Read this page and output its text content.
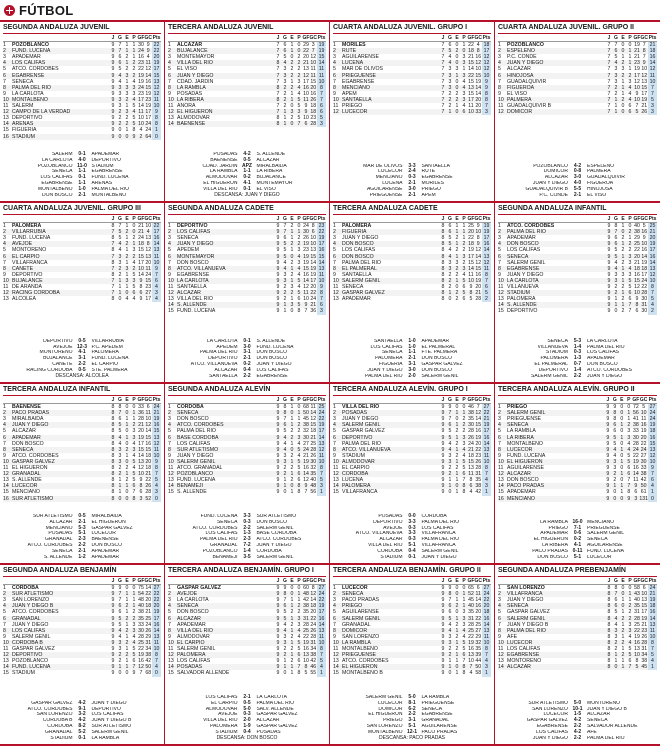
FÚTBOL
SEGUNDA ANDALUZA JUVENIL
		J	G	E	P	GF	GC	Pts
1	POZOBLANCO	9	7	1	1	30	9	22
2	FUND. LUCENA	9	7	1	1	24	9	22
3	APADEMAR	9	6	2	1	16	4	20
4	LOS CALIFAS	9	6	1	2	23	11	19
5	ATCO. CORDOBÉS	9	5	2	2	22	12	17
6	EGABRENSE	9	4	3	2	19	14	15
7	SÉNECA	9	4	1	4	19	16	13
8	PALMA DEL RÍO	9	3	3	3	24	15	12
9	LA CARLOTA	9	3	3	3	23	19	12
10	MONTALBEÑO	9	3	2	4	17	23	11
11	SALERM	9	3	1	5	14	19	10
12	CAMPO DE LA VERDAD	9	2	3	4	11	17	9
13	DEPORTIVO	9	2	2	5	10	17	8
14	ARENAS	9	2	2	5	10	24	8
15	FIGUERIA	9	0	1	8	4	24	1
16	STADIUM	9	0	0	9	2	64	0
SALERM	0-1	APADEMAR
LA CARLOTA	4-0	DEPORTIVO
POZOBLANCO 11-0 STADIUM
SÉNECA	1-1	EGABRENSE
LOS CALIFAS	0-1	FUND. LUCENA
EGABRENSE	1-1	ARENAS
MONTALBEÑO	1-0	PALMA DEL RÍO
DON BOSCO	2-1	MONTALBEÑO
TERCERA ANDALUZA JUVENIL
		J	G	E	P	GF	GC	Pts
1	ALCÁZAR	7	6	1	0	29	3	19
2	BUJALANCE	7	6	1	0	22	7	19
3	MONTEMAYOR	7	5	0	2	20	12	15
4	VILLA DEL RÍO	8	4	2	2	21	10	14
5	EL VISO	7	3	2	2	13	11	11
6	JUAN Y DIEGO	7	3	2	2	12	11	11
7	CDAD. JARDÍN	7	3	1	3	17	15	10
8	LA RAMBLA	8	2	2	4	16	20	8
9	POSADAS	7	2	1	4	10	16	7
10	LA RIBERA	8	2	1	5	11	26	7
11	AÑORA	7	2	0	5	9	18	6
12	EL HIGUERÓN	7	1	3	3	9	18	6
13	ALMODÓVAR	8	1	2	5	10	23	5
14	BAENENSE	8	1	0	7	6	28	3
POSADAS	4-2	S. ALLENDE
BAENENSE	0-5	ALCÁZAR
CDAD. JARDÍN APZ MIRALBAIDA
LA RAMBLA	1-1	LA RIBERA
ALMODÓVAR	0-2	BUJALANCE
EL HIGUERÓN	4-1	MONTEMAYOR
VILLA DEL RÍO	0-1	EL VISO
DESCANSA: JUAN Y DIEGO
CUARTA ANDALUZA JUVENIL. GRUPO I
		J	G	E	P	GF	GC	Pts
1	MORILES	7	6	0	1	22	4	18
2	RUTE	7	5	2	0	18	8	17
3	AGUILARENSE	7	4	0	3	21	16	12
4	LUCENA	7	4	0	3	15	12	12
5	MAR DE OLIVOS	7	3	3	1	14	10	12
6	PRIEGUENSE	7	3	1	3	22	15	10
7	EGABRENSE	7	3	0	4	15	19	9
8	MENCIANO	7	3	0	4	13	14	9
9	APEM	7	2	2	3	15	14	8
10	SANTAELLA	7	2	2	3	17	20	8
11	PRIEGO	7	2	1	4	11	20	7
12	LUCECOR	7	1	0	6	10	33	3
MAR DE OLIVOS	3-3	SANTAELLA
LUCECOR	2-4	RUTE
MENCIANO	0-3	EGABRENSE
LUCENA	2-1	MORILES
AGUILARENSE	3-0	PRIEGO
PRIEGUENSE	2-1	APEM
CUARTA ANDALUZA JUVENIL. GRUPO II
		J	G	E	P	GF	GC	Pts
1	POZOBLANCO	7	7	0	0	19	7	21
2	ESPELEÑO	7	6	0	1	21	8	18
3	P.C. CONDE	7	5	1	1	21	7	16
4	JUAN Y DIEGO	7	4	2	1	23	9	14
5	ALCÁZAR	7	3	3	1	19	10	12
6	HINOJOSA	7	3	2	2	17	12	11
7	GUADALQUIVIR	7	3	1	3	12	13	10
8	FIGUEROA	7	2	1	4	10	15	7
9	EL VISO	7	2	1	4	9	17	7
10	PALMERA	7	1	2	4	10	19	5
11	GUADALQUIVIR B	7	1	0	6	7	21	3
12	DOMICOR	7	1	0	6	5	26	3
POZOBLANCO	4-2	ESPELEÑO
DOMICOR	0-8	PALMERA
ALCÁZAR	3-0	GUADALQUIVIR
JUAN Y DIEGO	4-0	FIGUEROA
GUADALQUIVIR B	5-5	HINOJOSA
P.C. CONDE	2-1	EL VISO
CUARTA ANDALUZA JUVENIL. GRUPO III
		J	G	E	P	GF	GC	Pts
1	PALOMERA	8	7	1	0	21	10	22
2	VILLARRUBIA	7	5	2	0	21	4	17
3	FUND. LUCENA	8	5	1	2	24	13	16
4	AVEJOE	7	4	2	1	18	8	14
5	MONTORENO	8	4	1	3	15	12	13
6	EL CARPIO	7	3	2	2	15	13	11
7	VILLAFRANCA	8	3	1	4	17	20	10
8	CANETE	7	2	3	2	10	11	9
9	DEPORTIVO	8	2	1	5	14	24	7
10	BUJALANCE	7	1	3	3	9	15	6
11	DE ARANDA	7	1	1	5	8	23	4
12	RACING CÓRDOBA	7	1	0	6	6	27	3
13	ALCOLEA	8	0	4	4	9	17	4
DEPORTIVO	0-5	VILLARRUBIA
AVEJOE 12-3 P.C. APEDEM
MONTORENO	4-1	PALOMERA
BUJALANCE	3-1	FUND. LUCENA
CANETE	2-2	EL CARPIO
RACING CÓRDOBA	0-5	STE. PALMERA
DESCANSA: ALCOLEA
SEGUNDA ANDALUZA CADETE
		J	G	E	P	GF	GC	Pts
1	DEPORTIVO	9	7	2	0	24	8	23
2	LOS CALIFAS	9	7	1	1	30	6	22
3	SÉNECA	9	6	1	2	26	10	19
4	JUAN Y DIEGO	9	5	2	2	19	10	17
5	APEDEM	9	5	1	3	23	13	16
6	MONTEMAYOR	9	5	0	4	19	15	15
7	DON BOSCO	9	4	2	3	19	14	14
8	ATCO. VILLANUEVA	9	4	1	4	15	19	13
9	EGABRENSE	9	3	2	4	16	19	11
10	LA CARLOTA	9	3	1	5	14	17	10
11	SANTAELLA	9	2	3	4	12	20	9
12	ALCÁZAR	9	2	2	5	11	22	8
13	VILLA DEL RÍO	9	2	1	6	10	24	7
14	S. ALLENDE	9	1	3	5	9	21	6
15	FUND. LUCENA	9	1	0	8	7	36	3
LA CARLOTA	0-1	S. ALLENDE
APEDEM	3-0	FUND. LUCENA
PALMA DEL RÍO	3-1	DON BOSCO
DEPORTIVO	2-1	DON BOSCO
ATCO. VILLANUEVA	0-2	JUAN Y DIEGO
ALCÁZAR	0-4	LOS CALIFAS
SANTAELLA	2-2	EGABRENSE
TERCERA ANDALUZA CADETE
		J	G	E	P	GF	GC	Pts
1	PALOMERA	8	6	1	1	25	9	19
2	FIGUERIA	8	6	1	1	20	10	19
3	JUAN Y DIEGO	8	5	2	1	22	8	17
4	DON BOSCO	8	5	1	2	18	9	16
5	LOS CALIFAS	8	4	2	2	19	12	14
6	DON BOSCO	8	4	1	3	17	14	13
7	PALMA DEL RÍO	8	3	3	2	15	12	12
8	EL PALMERAL	8	3	2	3	14	15	11
9	SANTAELLA	8	2	2	4	11	16	8
10	SALERM GENIL	8	2	1	5	10	19	7
11	SÉNECA	8	2	0	6	9	20	6
12	GASPAR GÁLVEZ	8	1	2	5	8	21	5
13	APADEMAR	8	0	2	6	5	28	2
SANTAELLA	1-0	APADEMAR
LOS CALIFAS	1-0	EL PALMERAL
SÉNECA	1-1	FTE. PALMERA
PALOMERA	2-1	DON BOSCO
FIGUERIA	3-1	GASPAR GÁLVEZ
JUAN Y DIEGO	3-0	DON BOSCO
PALMA DEL RÍO	2-0	SALERM GENIL
SEGUNDA ANDALUZA INFANTIL
		J	G	E	P	GF	GC	Pts
1	ATCO. CORDOBÉS	9	8	1	0	40	5	25
2	PALMA DEL RÍO	9	7	0	2	38	16	21
3	APADEMAR	9	6	2	1	29	9	20
4	DON BOSCO	9	6	1	2	25	10	19
5	LOS CALIFAS	9	5	2	2	22	16	17
6	SÉNECA	9	5	1	3	20	14	16
7	SALERM GENIL	9	4	2	3	21	19	14
8	EGABRENSE	9	4	1	4	18	18	13
9	JUAN Y DIEGO	9	3	3	3	16	17	12
10	LA CARLOTA	9	3	1	5	15	24	10
11	VILLANUEVA	9	2	2	5	12	22	8
12	STADIUM	9	2	1	6	10	28	7
13	PALOMERA	9	1	2	6	9	30	5
14	S. ALLENDE	9	1	1	7	8	31	4
15	DEPORTIVO	9	0	2	7	6	30	2
SÉNECA	5-3	LA CARLOTA
VILLANUEVA	1-4	PALMA DEL RÍO
STADIUM	0-3	LOS CALIFAS
PALOMERA	1-3	APADEMAR
EL PALMERAL	0-7	DON BOSCO
DEPORTIVO	1-4	ATCO. CORDOBÉS
SALERM GENIL	2-2	JUAN Y DIEGO
TERCERA ANDALUZA INFANTIL
		J	G	E	P	GF	GC	Pts
1	BAENENSE	8	8	0	0	33	6	24
2	PACO PRADAS	8	7	0	1	36	11	21
3	MIRALBAIDA	8	6	1	1	28	10	19
4	JUAN Y DIEGO	8	5	1	2	21	12	16
5	ALCÁZAR	8	5	0	3	20	14	15
6	APADEMAR	8	4	1	3	19	15	13
7	DON BOSCO	8	4	0	4	17	16	12
8	SÉNECA	8	3	2	3	15	15	11
9	ATCO. CORDOBÉS	8	3	1	4	14	18	10
10	GASPAR GÁLVEZ	8	3	0	5	13	20	9
11	EL HIGUERÓN	8	2	2	4	12	18	8
12	GRANADAL	8	2	1	5	10	21	7
13	S. ALLENDE	8	1	2	5	9	22	5
14	LUCECOR	8	1	1	6	8	26	4
15	MENCIANO	8	1	0	7	6	28	3
16	SUR ATLETISMO	8	0	0	8	3	52	0
SUR ATLETISMO	0-5	MIRALBAIDA
ALCÁZAR	2-1	EL HIGUERÓN
MENCIANO	5-3	GASPAR GÁLVEZ
POSADAS	5-1	LUCECOR
GRANADAL	2-3	BAENENSE
ATCO. CORDOBÉS	2-2	DON BOSCO
SÉNECA	2-1	APADEMAR
S. ALLENDE	1-2	APADEMAR
SEGUNDA ANDALUZA ALEVÍN
		J	G	E	P	GF	GC	Pts
1	CÓRDOBA	9	8	1	0	68	11	25
2	SÉNECA	9	8	0	1	50	14	24
3	DON BOSCO	9	7	1	1	45	12	22
4	ATCO. CORDOBÉS	9	6	1	2	38	15	19
5	PALMA DEL RÍO	9	5	2	2	32	18	17
6	BASE CÓRDOBA	9	4	2	3	30	21	14
7	LOS CALIFAS	9	4	1	4	27	25	13
8	SUR ATLETISMO	9	4	0	5	24	28	12
9	JUAN Y DIEGO	9	3	2	4	21	26	11
10	SALERM GENIL	9	3	1	5	19	30	10
11	ATCO. GRANADAL	9	2	2	5	16	32	8
12	POZOBLANCO	9	2	1	6	14	35	7
13	FUND. LUCENA	9	1	2	6	12	40	5
14	BENAMEJÍ	9	1	0	8	9	48	3
15	S. ALLENDE	9	0	1	8	7	56	1
FUND. LUCENA	3-3	SUR ATLETISMO
SÉNECA	0-3	DON BOSCO
ATCO. CORDOBÉS	2-2	SALERM GENIL
LOS CALIFAS	1-3	BASE CÓRDOBA
PALMA DEL RÍO	2-3	ATCO. CORDOBÉS
GRANADAL	7-2	JUAN Y DIEGO
POZOBLANCO	1-4	CÓRDOBA
BENAMEJÍ	3-5	SALERM GENIL
TERCERA ANDALUZA ALEVÍN. GRUPO I
		J	G	E	P	GF	GC	Pts
1	VILLA DEL RÍO	9	9	0	0	46	7	27
2	POSADAS	9	7	1	1	38	12	22
3	JUAN Y DIEGO	9	7	0	2	35	14	21
4	SALERM GENIL	9	6	1	2	30	15	19
5	GASPAR GÁLVEZ	9	5	2	2	28	16	17
6	DEPORTIVO	9	5	1	3	26	19	16
7	PALMA DEL RÍO	9	4	2	3	24	20	14
8	ATCO. VILLANUEVA	9	4	1	4	21	22	13
9	STADIUM	9	3	2	4	18	23	11
10	ALMODÓVAR	9	3	1	5	15	26	10
11	EL CARPIO	9	2	2	5	13	28	8
12	CÓRDOBA	9	2	1	6	11	31	7
13	LUCENA	9	1	1	7	8	35	4
14	PALOMERA	9	1	0	8	6	38	3
15	VILLAFRANCA	9	0	1	8	4	42	1
POSADAS	0-0	CÓRDOBA
DEPORTIVO	3-3	PALMA DEL RÍO
AVEJOE	0-3	LOS CALIFAS
ATCO. VILLANUEVA	3-3	VILLAFRANCA
ALCÁZAR	0-3	PALMA DEL RÍO
VILLA DEL RÍO	5-1	VILLAFRANCA
CÓRDOBA	0-4	SALERM GENIL
STADIUM	0-1	JUAN Y DIEGO
TERCERA ANDALUZA ALEVÍN. GRUPO II
		J	G	E	P	GF	GC	Pts
1	PRIEGO	9	9	0	0	72	5	27
2	SALERM GENIL	9	8	0	1	56	10	24
3	PRIEGUENSE	9	8	0	1	41	11	24
4	SÉNECA	9	6	1	2	38	16	19
5	LA RAMBLA	9	6	0	3	33	19	18
6	LA RIBERA	9	5	1	3	30	20	16
7	MONTALBEÑO	9	5	0	4	28	22	15
8	LUCECOR	9	4	1	4	24	24	13
9	FUND. LUCENA	9	4	0	5	22	27	12
10	EL HIGUERÓN	9	3	1	5	19	30	10
11	AGUILARENSE	9	3	0	6	16	33	9
12	ALCÁZAR	9	2	1	6	14	38	7
13	DON BOSCO	9	2	0	7	11	42	6
14	PACO PRADAS	9	1	1	7	9	50	4
15	APADEMAR	9	0	1	8	6	61	1
16	MENCIANO	9	0	0	9	3	131	0
LA RAMBLA 16-0 MENCIANO
PRIEGO	7-1	PRIEGUENSE
APADEMAR	0-6	SALERM GENIL
EL HIGUERÓN	0-2	SÉNECA
LA RIBERA	4-1	AGUILARENSE
PACO PRADAS 0-11 FUND. LUCENA
DON BOSCO	5-1	LUCECOR
SEGUNDA ANDALUZA BENJAMÍN
		J	G	E	P	GF	GC	Pts
1	CÓRDOBA	9	9	0	0	75	14	27
2	SUR ATLETISMO	9	7	1	1	54	22	22
3	SAN LORENZO	9	7	1	1	48	20	22
4	JUAN Y DIEGO B	9	6	2	1	40	18	20
5	ATCO. CORDOBÉS	9	6	1	2	38	21	19
6	GRANADAL	9	5	2	2	35	25	17
7	JUAN Y DIEGO	9	5	1	3	33	24	16
8	LOS CALIFAS	9	4	2	3	30	26	14
9	SALERM GENIL	9	4	1	4	28	29	13
10	CORDOBA B	9	3	2	4	25	31	11
11	GASPAR GÁLVEZ	9	3	1	5	22	34	10
12	DEPORTIVO	9	2	2	5	19	38	8
13	POZOBLANCO	9	2	1	6	16	42	7
14	FUND. LUCENA	9	1	1	7	12	50	4
15	STADIUM	9	0	0	9	7	68	0
GASPAR GÁLVEZ	4-2	JUAN Y DIEGO
ATCO. CORDOBÉS	9-1	DEPORTIVO
SAN LORENZO	3-2	LOS CALIFAS
CÓRDOBA B	4-2	JUAN Y DIEGO B
CÓRDOBA	8-2	SUR ATLETISMO
GRANADAL	5-2	SALERM GENIL
STADIUM	0-1	LA RAMBLA
TERCERA ANDALUZA BENJAMÍN. GRUPO I
		J	G	E	P	GF	GC	Pts
1	GASPAR GÁLVEZ	9	9	0	0	60	8	27
2	AVEJOE	9	8	0	1	48	12	24
3	LA CARLOTA	9	7	1	1	42	14	22
4	SÉNECA	9	6	1	2	38	18	19
5	DON BOSCO	9	5	2	2	35	20	17
6	ALCÁZAR	9	5	1	3	31	22	16
7	APADEMAR	9	4	2	3	28	24	14
8	VILLA DEL RÍO	9	4	1	4	25	26	13
9	ALMODÓVAR	9	3	2	4	22	28	11
10	EL CARPIO	9	3	1	5	19	31	10
11	SALERM GENIL	9	2	2	5	16	34	8
12	PALOMERA	9	2	1	6	13	38	7
13	LOS CALIFAS	9	1	2	6	10	42	5
14	POSADAS	9	1	1	7	8	46	4
15	SALVADOR ALLENDE	9	0	1	8	5	55	1
LOS CALIFAS	2-1	LA CARLOTA
EL CARPIO	0-5	PALMA DEL RÍO
ALMODÓVAR	5-0	SALV. ALLENDE
AVEJOE	0-3	GASPAR GÁLVEZ
VILLA DEL RÍO	2-0	ALCÁZAR
PALOMERA	1-9	GASPAR GÁLVEZ
STADIUM	0-4	POSADAS
DESCANSA: DON BOSCO
TERCERA ANDALUZA BENJAMÍN. GRUPO II
		J	G	E	P	GF	GC	Pts
1	LUCECOR	9	9	0	0	65	6	27
2	SÉNECA	9	8	0	1	52	11	24
3	PACO PRADAS	9	7	1	1	45	14	22
4	PRIEGO	9	6	2	1	40	16	20
5	AGUILARENSE	9	6	0	3	35	20	18
6	SALERM GENIL	9	5	1	3	31	22	16
7	GRANADAL	9	4	2	3	28	25	14
8	DOMICOR	9	4	1	4	25	27	13
9	SAN LORENZO	9	3	2	4	22	29	11
10	LA RAMBLA	9	3	1	5	19	32	10
11	MONTALBEÑO	9	2	2	5	16	35	8
12	PRIEGUENSE	9	2	1	6	13	39	7
13	ATCO. CORDOBÉS	9	1	1	7	10	44	4
14	EL HIGUERÓN	9	1	0	8	7	50	3
15	MONTALBEÑO B	9	0	1	8	4	58	1
SALERM GENIL	5-0	LA RAMBLA
LUCECOR	8-1	PRIEGUENSE
DOMICOR	6-2	SÉNECA
EL HIGUERÓN	2-2	EGABRENSE
PRIEGO	3-1	GRANADAL
SAN LORENZO	5-1	AGUILARENSE
MONTALBEÑO 12-1 PACO PRADAS
DESCANSA: PACO PRADAS
SEGUNDA ANDALUZA PREBENJAMÍN
		J	G	E	P	GF	GC	Pts
1	SAN LORENZO	8	8	0	0	58	6	24
2	VILLAFRANCA	8	7	0	1	43	10	21
3	JUAN Y DIEGO	8	6	1	1	40	13	19
4	SÉNECA	8	6	0	2	35	15	18
5	GASPAR GÁLVEZ	8	5	1	2	31	17	16
6	SALERM GENIL	8	4	2	2	28	19	14
7	JUAN Y DIEGO B	8	4	1	3	25	21	13
8	PALMA DEL RÍO	8	3	2	3	22	23	11
9	AFE	8	3	1	4	19	26	10
10	LUCECOR	8	2	2	4	16	28	8
11	LOS CALIFAS	8	2	1	5	13	31	7
12	EGABRENSE	8	1	2	5	10	34	5
13	MONTORENO	8	1	1	6	8	38	4
14	ALCÁZAR	8	0	1	7	5	45	1
SUR ATLETISMO	5-0	MONTOREÑO
SAN LORENZO 10-1 JUAN Y DIEGO B
LUCECOR	1-5	ALCÁZAR
GASPAR GÁLVEZ	4-2	SÉNECA
EGABRENSE	2-2	SALVADOR ALLENDE
LOS CALIFAS	4-2	AFE
JUAN Y DIEGO	2-2	PALMA DEL RÍO
